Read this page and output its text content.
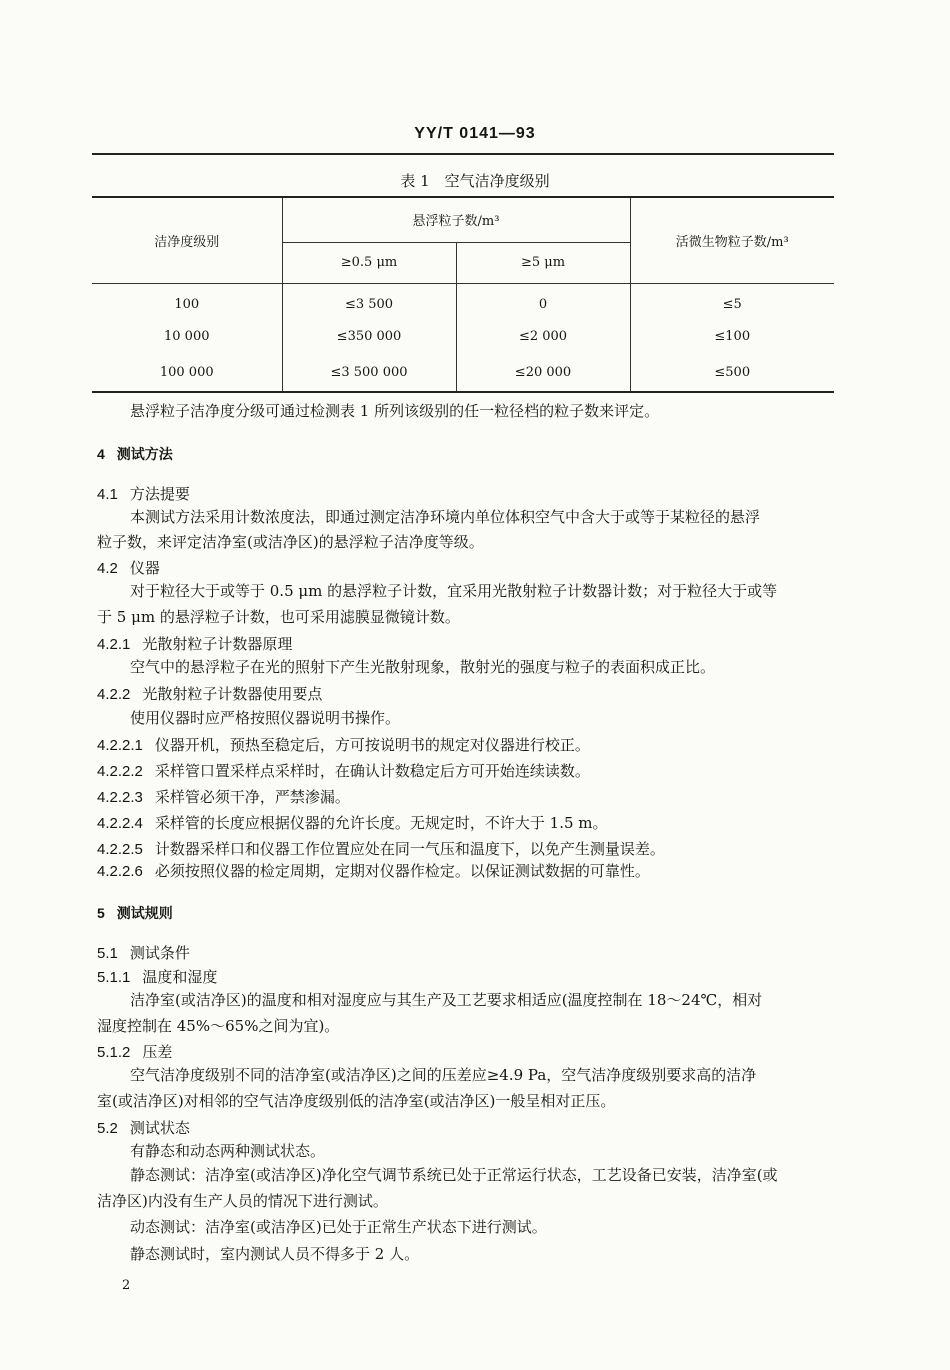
YY/T 0141—93
表 1　空气洁净度级别
洁净度级别	悬浮粒子数/m³		活微生物粒子数/m³
	≥0.5 μm	≥5 μm	
100	≤3 500	0	≤5
10 000	≤350 000	≤2 000	≤100
100 000	≤3 500 000	≤20 000	≤500
悬浮粒子洁净度分级可通过检测表 1 所列该级别的任一粒径档的粒子数来评定。
4 测试方法
4.1 方法提要
本测试方法采用计数浓度法，即通过测定洁净环境内单位体积空气中含大于或等于某粒径的悬浮
粒子数，来评定洁净室(或洁净区)的悬浮粒子洁净度等级。
4.2 仪器
对于粒径大于或等于 0.5 μm 的悬浮粒子计数，宜采用光散射粒子计数器计数；对于粒径大于或等
于 5 μm 的悬浮粒子计数，也可采用滤膜显微镜计数。
4.2.1 光散射粒子计数器原理
空气中的悬浮粒子在光的照射下产生光散射现象，散射光的强度与粒子的表面积成正比。
4.2.2 光散射粒子计数器使用要点
使用仪器时应严格按照仪器说明书操作。
4.2.2.1 仪器开机，预热至稳定后，方可按说明书的规定对仪器进行校正。
4.2.2.2 采样管口置采样点采样时，在确认计数稳定后方可开始连续读数。
4.2.2.3 采样管必须干净，严禁渗漏。
4.2.2.4 采样管的长度应根据仪器的允许长度。无规定时，不许大于 1.5 m。
4.2.2.5 计数器采样口和仪器工作位置应处在同一气压和温度下，以免产生测量误差。
4.2.2.6 必须按照仪器的检定周期，定期对仪器作检定。以保证测试数据的可靠性。
5 测试规则
5.1 测试条件
5.1.1 温度和湿度
洁净室(或洁净区)的温度和相对湿度应与其生产及工艺要求相适应(温度控制在 18～24℃，相对
湿度控制在 45%～65%之间为宜)。
5.1.2 压差
空气洁净度级别不同的洁净室(或洁净区)之间的压差应≥4.9 Pa，空气洁净度级别要求高的洁净
室(或洁净区)对相邻的空气洁净度级别低的洁净室(或洁净区)一般呈相对正压。
5.2 测试状态
有静态和动态两种测试状态。
静态测试：洁净室(或洁净区)净化空气调节系统已处于正常运行状态，工艺设备已安装，洁净室(或
洁净区)内没有生产人员的情况下进行测试。
动态测试：洁净室(或洁净区)已处于正常生产状态下进行测试。
静态测试时，室内测试人员不得多于 2 人。
2
